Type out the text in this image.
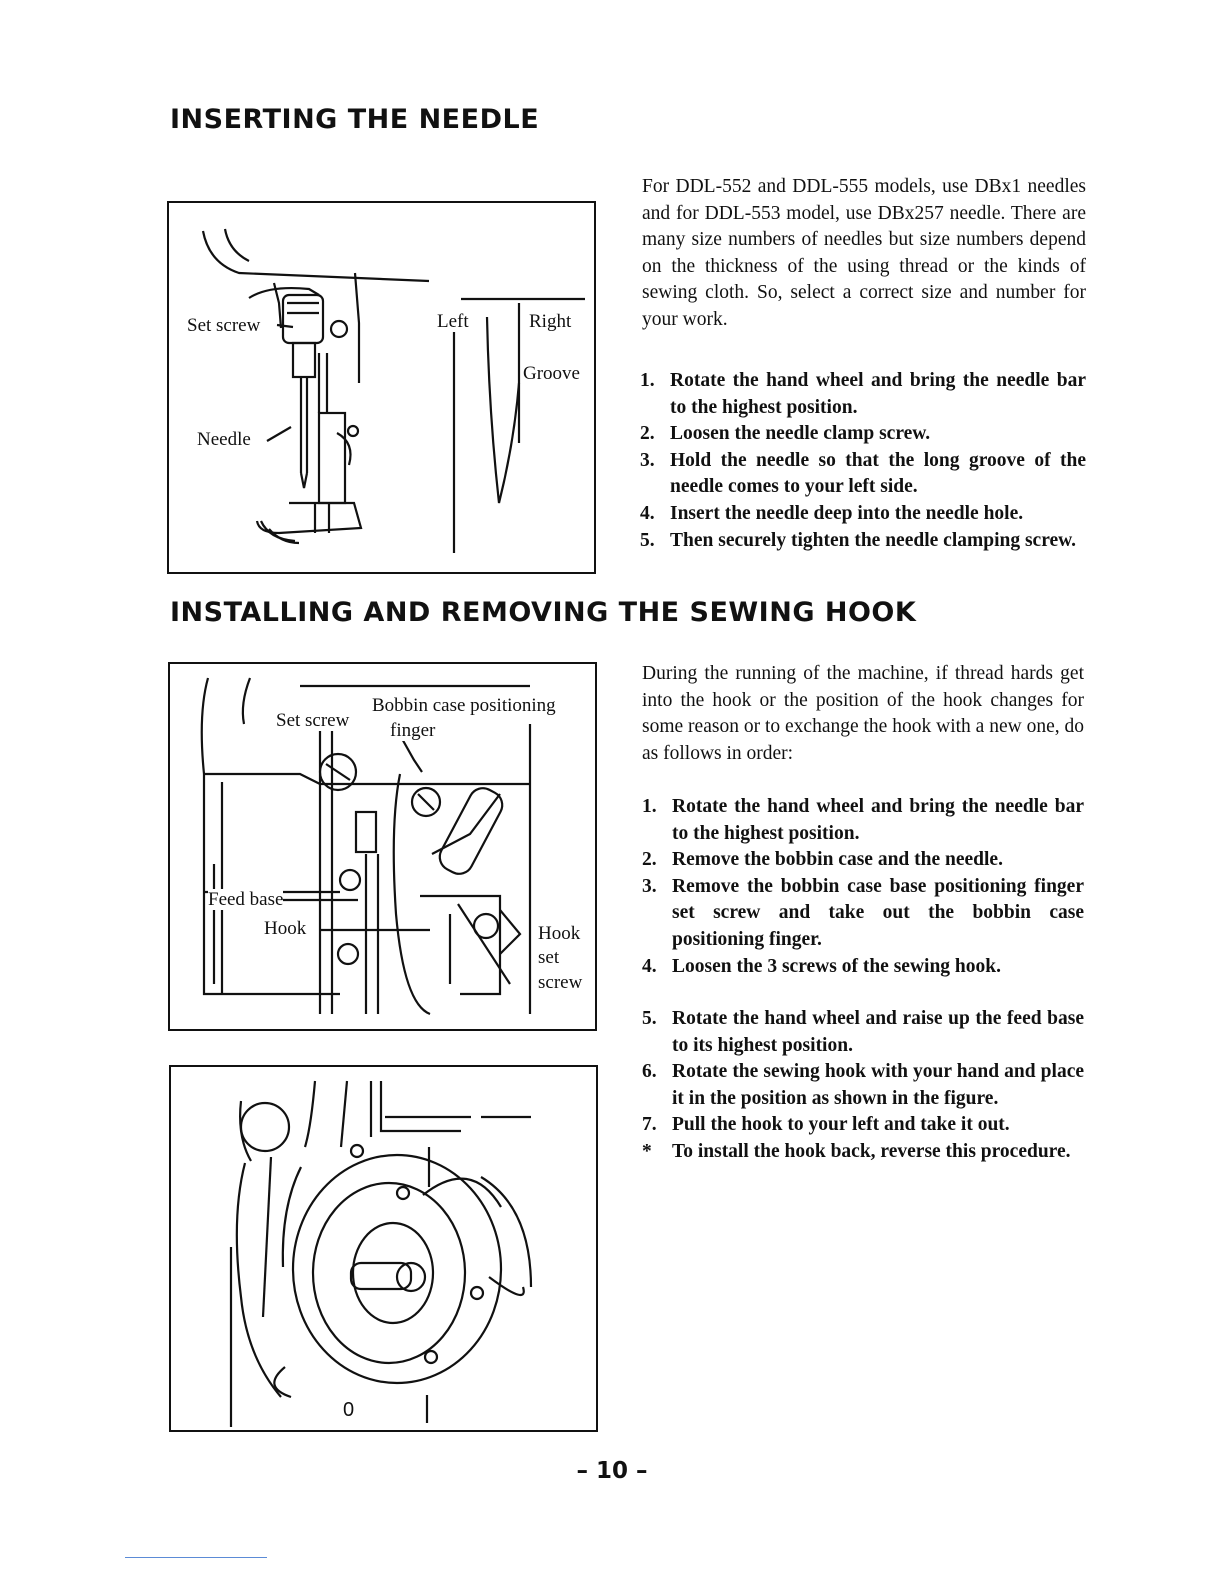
INSERTING THE NEEDLE
Set screw
Needle
Left	Right
Groove

For DDL-552 and DDL-555 models, use DBx1 needles and for DDL-553 model, use DBx257 needle. There are many size numbers of needles but size numbers depend on the thickness of the using thread or the kinds of sewing cloth. So, select a correct size and number for your work.

1. Rotate the hand wheel and bring the needle bar to the highest position.
2. Loosen the needle clamp screw.
3. Hold the needle so that the long groove of the needle comes to your left side.
4. Insert the needle deep into the needle hole.
5. Then securely tighten the needle clamping screw.
INSTALLING AND REMOVING THE SEWING HOOK
Bobbin case positioning
Set screw finger
Feed base
Hook	Hook
set
screw
0

During the running of the machine, if thread hards get into the hook or the position of the hook changes for some reason or to exchange the hook with a new one, do as follows in order:

1. Rotate the hand wheel and bring the needle bar to the highest position.
2. Remove the bobbin case and the needle.
3. Remove the bobbin case base positioning finger set screw and take out the bobbin case positioning finger.
4. Loosen the 3 screws of the sewing hook.
5. Rotate the hand wheel and raise up the feed base to its highest position.
6. Rotate the sewing hook with your hand and place it in the position as shown in the figure.
7. Pull the hook to your left and take it out.
* To install the hook back, reverse this procedure.
– 10 –
